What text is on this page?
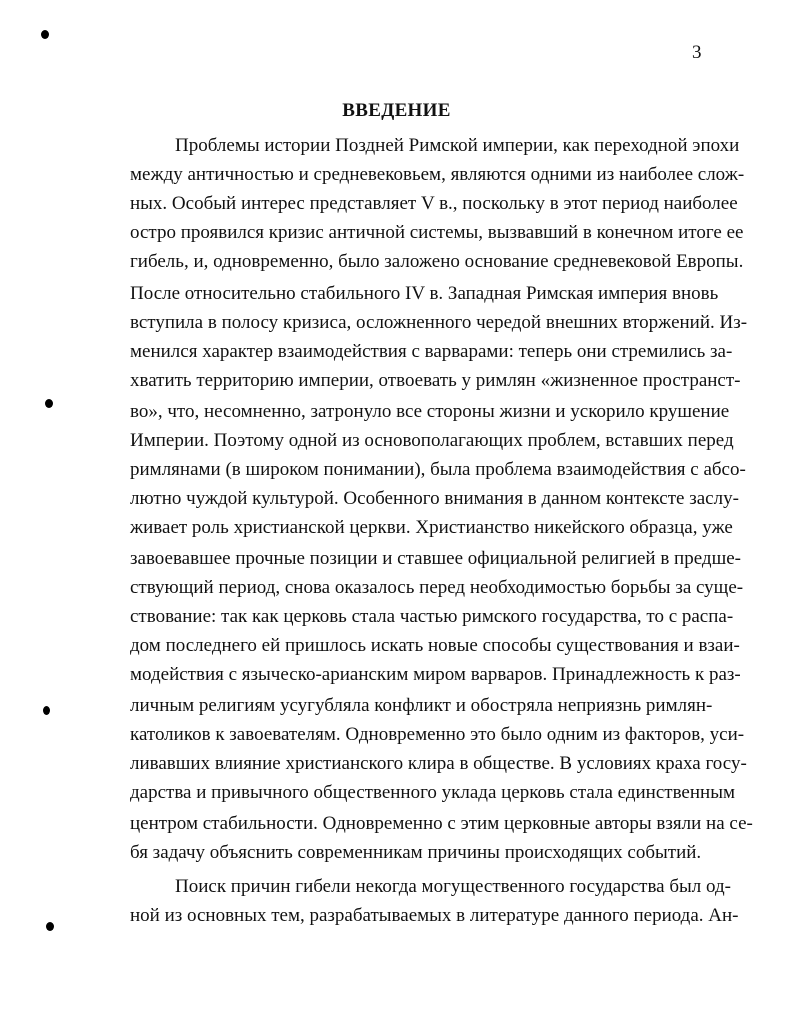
3
ВВЕДЕНИЕ
Проблемы истории Поздней Римской империи, как переходной эпохи
между античностью и средневековьем, являются одними из наиболее слож-
ных. Особый интерес представляет V в., поскольку в этот период наиболее
остро проявился кризис античной системы, вызвавший в конечном итоге ее
гибель, и, одновременно, было заложено основание средневековой Европы.
После относительно стабильного IV в. Западная Римская империя вновь
вступила в полосу кризиса, осложненного чередой внешних вторжений. Из-
менился характер взаимодействия с варварами: теперь они стремились за-
хватить территорию империи, отвоевать у римлян «жизненное пространст-
во», что, несомненно, затронуло все стороны жизни и ускорило крушение
Империи. Поэтому одной из основополагающих проблем, вставших перед
римлянами (в широком понимании), была проблема взаимодействия с абсо-
лютно чуждой культурой. Особенного внимания в данном контексте заслу-
живает роль христианской церкви. Христианство никейского образца, уже
завоевавшее прочные позиции и ставшее официальной религией в предше-
ствующий период, снова оказалось перед необходимостью борьбы за суще-
ствование: так как церковь стала частью римского государства, то с распа-
дом последнего ей пришлось искать новые способы существования и взаи-
модействия с языческо-арианским миром варваров. Принадлежность к раз-
личным религиям усугубляла конфликт и обостряла неприязнь римлян-
католиков к завоевателям. Одновременно это было одним из факторов, уси-
ливавших влияние христианского клира в обществе. В условиях краха госу-
дарства и привычного общественного уклада церковь стала единственным
центром стабильности. Одновременно с этим церковные авторы взяли на се-
бя задачу объяснить современникам причины происходящих событий.
Поиск причин гибели некогда могущественного государства был од-
ной из основных тем, разрабатываемых в литературе данного периода. Ан-
